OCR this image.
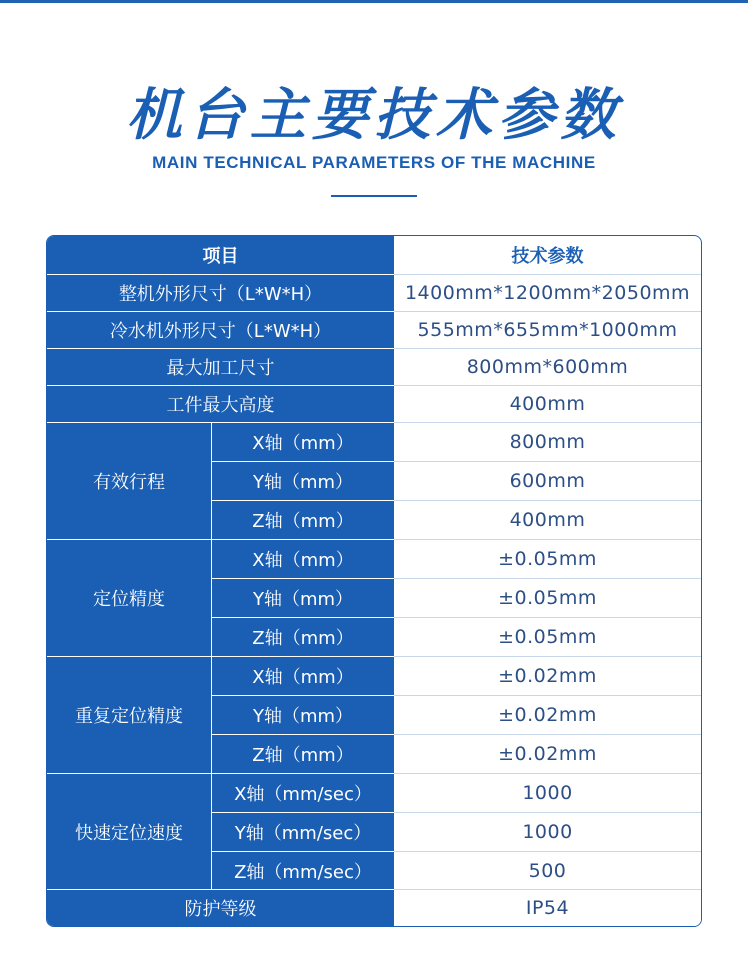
机台主要技术参数
MAIN TECHNICAL PARAMETERS OF THE MACHINE
项目	技术参数
整机外形尺寸（L*W*H）	1400mm*1200mm*2050mm
冷水机外形尺寸（L*W*H）	555mm*655mm*1000mm
最大加工尺寸	800mm*600mm
工件最大高度	400mm
有效行程
X轴（mm）	800mm
Y轴（mm）	600mm
Z轴（mm）	400mm
定位精度
X轴（mm）	±0.05mm
Y轴（mm）	±0.05mm
Z轴（mm）	±0.05mm
重复定位精度
X轴（mm）	±0.02mm
Y轴（mm）	±0.02mm
Z轴（mm）	±0.02mm
快速定位速度
X轴（mm/sec）	1000
Y轴（mm/sec）	1000
Z轴（mm/sec）	500
防护等级	IP54
